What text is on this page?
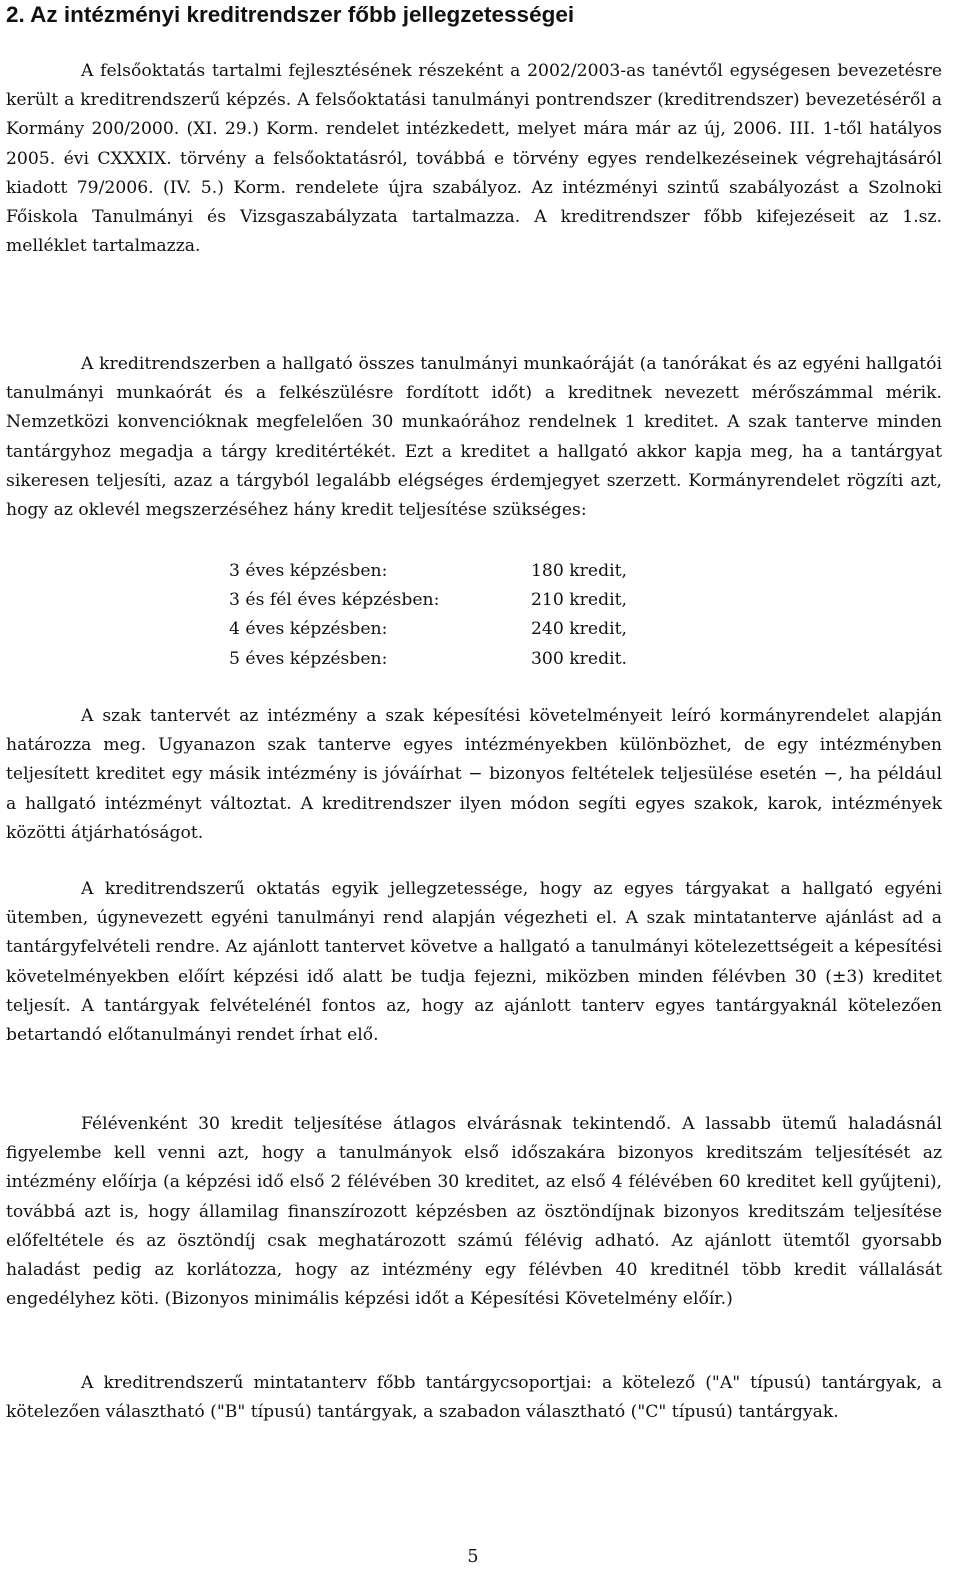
2. Az intézményi kreditrendszer főbb jellegzetességei

A felsőoktatás tartalmi fejlesztésének részeként a 2002/2003-as tanévtől egységesen bevezetésre került a kreditrendszerű képzés. A felsőoktatási tanulmányi pontrendszer (kreditrendszer) bevezetéséről a Kormány 200/2000. (XI. 29.) Korm. rendelet intézkedett, melyet mára már az új, 2006. III. 1-től hatályos 2005. évi CXXXIX. törvény a felsőoktatásról, továbbá e törvény egyes rendelkezéseinek végrehajtásáról kiadott 79/2006. (IV. 5.) Korm. rendelete újra szabályoz. Az intézményi szintű szabályozást a Szolnoki Főiskola Tanulmányi és Vizsgaszabályzata tartalmazza. A kreditrendszer főbb kifejezéseit az 1.sz. melléklet tartalmazza.

A kreditrendszerben a hallgató összes tanulmányi munkaóráját (a tanórákat és az egyéni hallgatói tanulmányi munkaórát és a felkészülésre fordított időt) a kreditnek nevezett mérőszámmal mérik. Nemzetközi konvencióknak megfelelően 30 munkaórához rendelnek 1 kreditet. A szak tanterve minden tantárgyhoz megadja a tárgy kreditértékét. Ezt a kreditet a hallgató akkor kapja meg, ha a tantárgyat sikeresen teljesíti, azaz a tárgyból legalább elégséges érdemjegyet szerzett. Kormányrendelet rögzíti azt, hogy az oklevél megszerzéséhez hány kredit teljesítése szükséges:

3 éves képzésben:	180 kredit,
3 és fél éves képzésben:	210 kredit,
4 éves képzésben:	240 kredit,
5 éves képzésben:	300 kredit.

A szak tantervét az intézmény a szak képesítési követelményeit leíró kormányrendelet alapján határozza meg. Ugyanazon szak tanterve egyes intézményekben különbözhet, de egy intézményben teljesített kreditet egy másik intézmény is jóváírhat − bizonyos feltételek teljesülése esetén −, ha például a hallgató intézményt változtat. A kreditrendszer ilyen módon segíti egyes szakok, karok, intézmények közötti átjárhatóságot.

A kreditrendszerű oktatás egyik jellegzetessége, hogy az egyes tárgyakat a hallgató egyéni ütemben, úgynevezett egyéni tanulmányi rend alapján végezheti el. A szak mintatanterve ajánlást ad a tantárgyfelvételi rendre. Az ajánlott tantervet követve a hallgató a tanulmányi kötelezettségeit a képesítési követelményekben előírt képzési idő alatt be tudja fejezni, miközben minden félévben 30 (±3) kreditet teljesít. A tantárgyak felvételénél fontos az, hogy az ajánlott tanterv egyes tantárgyaknál kötelezően betartandó előtanulmányi rendet írhat elő.

Félévenként 30 kredit teljesítése átlagos elvárásnak tekintendő. A lassabb ütemű haladásnál figyelembe kell venni azt, hogy a tanulmányok első időszakára bizonyos kreditszám teljesítését az intézmény előírja (a képzési idő első 2 félévében 30 kreditet, az első 4 félévében 60 kreditet kell gyűjteni), továbbá azt is, hogy államilag finanszírozott képzésben az ösztöndíjnak bizonyos kreditszám teljesítése előfeltétele és az ösztöndíj csak meghatározott számú félévig adható. Az ajánlott ütemtől gyorsabb haladást pedig az korlátozza, hogy az intézmény egy félévben 40 kreditnél több kredit vállalását engedélyhez köti. (Bizonyos minimális képzési időt a Képesítési Követelmény előír.)

A kreditrendszerű mintatanterv főbb tantárgycsoportjai: a kötelező ("A" típusú) tantárgyak, a kötelezően választható ("B" típusú) tantárgyak, a szabadon választható ("C" típusú) tantárgyak.

5
